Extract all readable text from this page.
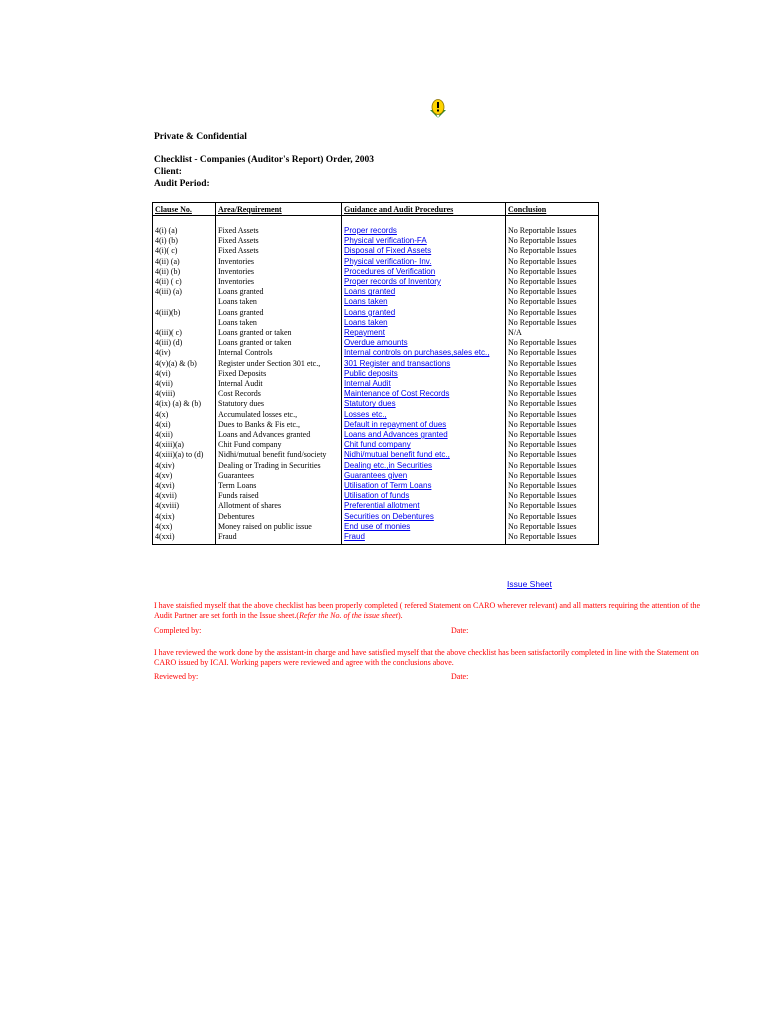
Private & Confidential
Checklist - Companies (Auditor's Report) Order, 2003
Client:
Audit Period:
Clause No.	Area/Requirement	Guidance and Audit Procedures	Conclusion

4(i) (a)	Fixed Assets	Proper records	No Reportable Issues
4(i) (b)	Fixed Assets	Physical verification-FA	No Reportable Issues
4(i)( c)	Fixed Assets	Disposal of Fixed Assets	No Reportable Issues
4(ii) (a)	Inventories	Physical verification- Inv.	No Reportable Issues
4(ii) (b)	Inventories	Procedures of Verification	No Reportable Issues
4(ii) ( c)	Inventories	Proper records of Inventory	No Reportable Issues
4(iii) (a)	Loans granted	Loans granted	No Reportable Issues
	Loans taken	Loans taken	No Reportable Issues
4(iii)(b)	Loans granted	Loans granted	No Reportable Issues
	Loans taken	Loans taken	No Reportable Issues
4(iii)( c)	Loans granted or taken	Repayment	N/A
4(iii) (d)	Loans granted or taken	Overdue amounts	No Reportable Issues
4(iv)	Internal Controls	Internal controls on purchases,sales etc.,	No Reportable Issues
4(v)(a) & (b)	Register under Section 301 etc.,	301 Register and transactions	No Reportable Issues
4(vi)	Fixed Deposits	Public deposits	No Reportable Issues
4(vii)	Internal Audit	Internal Audit	No Reportable Issues
4(viii)	Cost Records	Maintenance of Cost Records	No Reportable Issues
4(ix) (a) & (b)	Statutory dues	Statutory dues	No Reportable Issues
4(x)	Accumulated losses etc.,	Losses etc.,	No Reportable Issues
4(xi)	Dues to Banks & Fis etc.,	Default in repayment of dues	No Reportable Issues
4(xii)	Loans and Advances granted	Loans and Advances granted	No Reportable Issues
4(xiii)(a)	Chit Fund company	Chit fund company	No Reportable Issues
4(xiii)(a) to (d)	Nidhi/mutual benefit fund/society	Nidhi/mutual benefit fund etc.,	No Reportable Issues
4(xiv)	Dealing or Trading in Securities	Dealing etc.,in Securities	No Reportable Issues
4(xv)	Guarantees	Guarantees given	No Reportable Issues
4(xvi)	Term Loans	Utilisation of Term Loans	No Reportable Issues
4(xvii)	Funds raised	Utilisation of funds	No Reportable Issues
4(xviii)	Allotment of shares	Preferential allotment	No Reportable Issues
4(xix)	Debentures	Securities on Debentures	No Reportable Issues
4(xx)	Money raised on public issue	End use of monies	No Reportable Issues
4(xxi)	Fraud	Fraud	No Reportable Issues
Issue Sheet
I have staisfied myself that the above checklist has been properly completed ( refered Statement on CARO wherever relevant) and all matters requiring the attention of the Audit Partner are set forth in the Issue sheet.(Refer the No. of the issue sheet).
Completed by:	Date:
I have reviewed the work done by the assistant-in charge and have satisfied myself that the above checklist has been satisfactorily completed in line with the Statement on CARO issued by ICAI. Working papers were reviewed and agree with the conclusions above.
Reviewed by:	Date:
